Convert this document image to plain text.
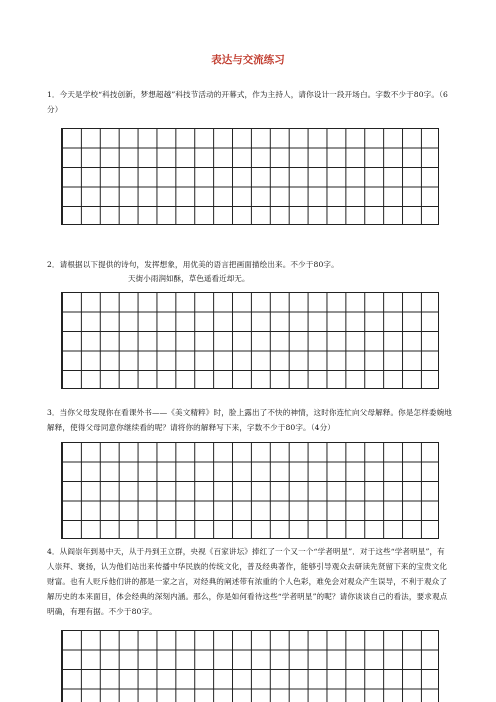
表达与交流练习
1．今天是学校“科技创新，梦想超越”科技节活动的开幕式，作为主持人，请你设计一段开场白。字数不少于80字。（6分）
2．请根据以下提供的诗句，发挥想象，用优美的语言把画面描绘出来。不少于80字。
天街小雨润如酥，草色遥看近却无。
3．当你父母发现你在看课外书——《美文精粹》时，脸上露出了不快的神情，这时你连忙向父母解释。你是怎样委婉地解释，使得父母同意你继续看的呢？请将你的解释写下来，字数不少于80字。（4分）
4．从阎崇年到易中天，从于丹到王立群，央视《百家讲坛》捧红了一个又一个“学者明星”．对于这些“学者明星”，有人崇拜、褒扬，认为他们站出来传播中华民族的传统文化，普及经典著作，能够引导观众去研读先贤留下来的宝贵文化财富。也有人贬斥他们讲的都是一家之言，对经典的阐述带有浓重的个人色彩，难免会对观众产生误导，不利于观众了解历史的本来面目，体会经典的深刻内涵。那么，你是如何看待这些“学者明星”的呢？请你谈谈自己的看法，要求观点明确，有理有据。不少于80字。
